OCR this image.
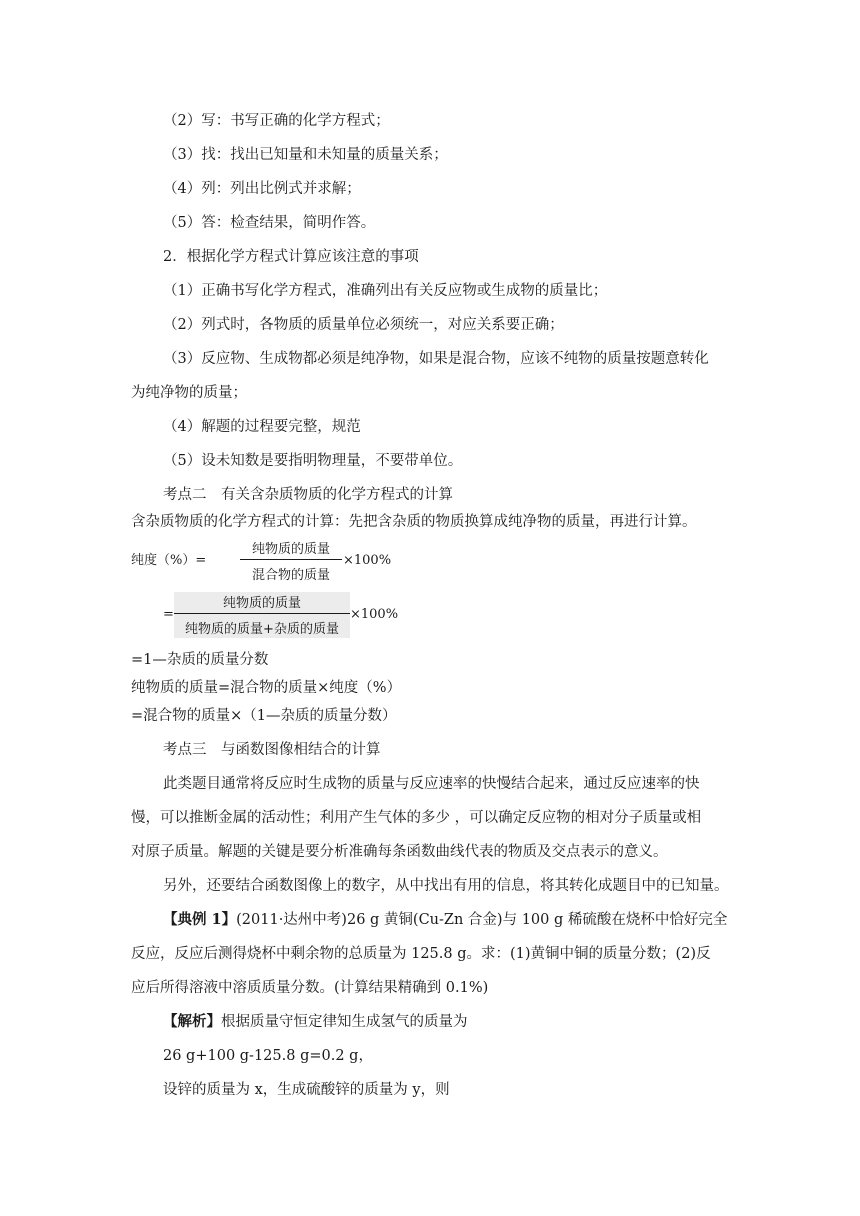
（2）写：书写正确的化学方程式；
（3）找：找出已知量和未知量的质量关系；
（4）列：列出比例式并求解；
（5）答：检查结果，简明作答。
2．根据化学方程式计算应该注意的事项
（1）正确书写化学方程式，准确列出有关反应物或生成物的质量比；
（2）列式时，各物质的质量单位必须统一，对应关系要正确；
（3）反应物、生成物都必须是纯净物，如果是混合物，应该不纯物的质量按题意转化
为纯净物的质量；
（4）解题的过程要完整，规范
（5）设未知数是要指明物理量，不要带单位。
考点二　有关含杂质物质的化学方程式的计算
含杂质物质的化学方程式的计算：先把含杂质的物质换算成纯净物的质量，再进行计算。
纯度（%）=
纯物质的质量
混合物的质量
×100%
=
纯物质的质量
纯物质的质量+杂质的质量
×100%
=1—杂质的质量分数
纯物质的质量=混合物的质量×纯度（%）
=混合物的质量×（1—杂质的质量分数）
考点三　与函数图像相结合的计算
此类题目通常将反应时生成物的质量与反应速率的快慢结合起来，通过反应速率的快
慢，可以推断金属的活动性；利用产生气体的多少 ，可以确定反应物的相对分子质量或相
对原子质量。解题的关键是要分析准确每条函数曲线代表的物质及交点表示的意义。
另外，还要结合函数图像上的数字，从中找出有用的信息，将其转化成题目中的已知量。
【典例 1】(2011·达州中考)26 g 黄铜(Cu-Zn 合金)与 100 g 稀硫酸在烧杯中恰好完全
反应，反应后测得烧杯中剩余物的总质量为 125.8 g。求：(1)黄铜中铜的质量分数；(2)反
应后所得溶液中溶质质量分数。(计算结果精确到 0.1%)
【解析】根据质量守恒定律知生成氢气的质量为
26 g+100 g-125.8 g=0.2 g，
设锌的质量为 x，生成硫酸锌的质量为 y，则
